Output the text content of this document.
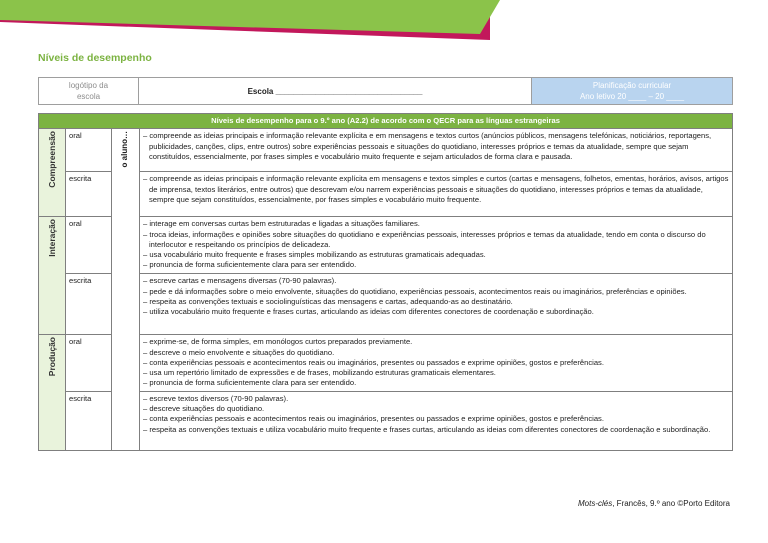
Níveis de desempenho
logótipo da
escola
	Escola _________________________________	
Planificação curricular
Ano letivo 20 ____ – 20 ____
Níveis de desempenho para o 9.º ano (A2.2) de acordo com o QECR para as línguas estrangeiras			
Compreensão	oral	o aluno…	– compreende as ideias principais e informação relevante explícita e em mensagens e textos curtos (anúncios públicos, mensagens telefónicas, noticiários, reportagens, publicidades, canções, clips, entre outros) sobre experiências pessoais e situações do quotidiano, interesses próprios e temas da atualidade, sempre que sejam constituídos, essencialmente, por frases simples e vocabulário muito frequente e sejam articulados de forma clara e pausada.

	escrita		– compreende as ideias principais e informação relevante explícita em mensagens e textos simples e curtos (cartas e mensagens, folhetos, ementas, horários, avisos, artigos de imprensa, textos literários, entre outros) que descrevam e/ou narrem experiências pessoais e situações do quotidiano, interesses próprios e temas da atualidade, sempre que sejam constituídos, essencialmente, por frases simples e vocabulário muito frequente.

Interação	oral		– interage em conversas curtas bem estruturadas e ligadas a situações familiares.
– troca ideias, informações e opiniões sobre situações do quotidiano e experiências pessoais, interesses próprios e temas da atualidade, tendo em conta o discurso do interlocutor e respeitando os princípios de delicadeza.
– usa vocabulário muito frequente e frases simples mobilizando as estruturas gramaticais adequadas.
– pronuncia de forma suficientemente clara para ser entendido.

	escrita		– escreve cartas e mensagens diversas (70-90 palavras).
– pede e dá informações sobre o meio envolvente, situações do quotidiano, experiências pessoais, acontecimentos reais ou imaginários, preferências e opiniões.
– respeita as convenções textuais e sociolinguísticas das mensagens e cartas, adequando-as ao destinatário.
– utiliza vocabulário muito frequente e frases curtas, articulando as ideias com diferentes conectores de coordenação e subordinação.

Produção	oral		– exprime-se, de forma simples, em monólogos curtos preparados previamente.
– descreve o meio envolvente e situações do quotidiano.
– conta experiências pessoais e acontecimentos reais ou imaginários, presentes ou passados e exprime opiniões, gostos e preferências.
– usa um repertório limitado de expressões e de frases, mobilizando estruturas gramaticais elementares.
– pronuncia de forma suficientemente clara para ser entendido.

	escrita		– escreve textos diversos (70-90 palavras).
– descreve situações do quotidiano.
– conta experiências pessoais e acontecimentos reais ou imaginários, presentes ou passados e exprime opiniões, gostos e preferências.
– respeita as convenções textuais e utiliza vocabulário muito frequente e frases curtas, articulando as ideias com diferentes conectores de coordenação e subordinação.
Mots-clés, Francês, 9.º ano ©Porto Editora
